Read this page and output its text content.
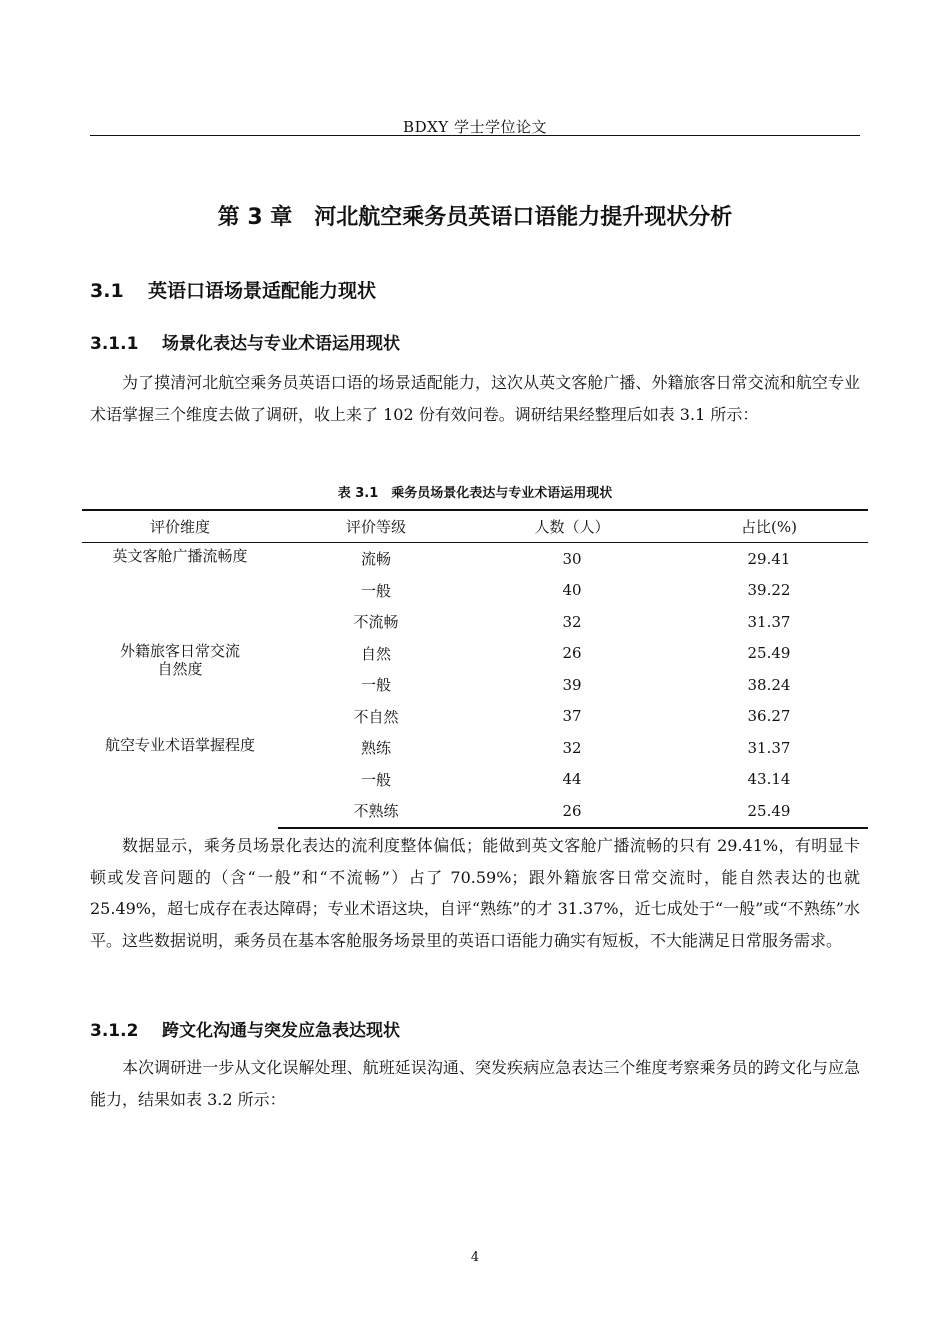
BDXY 学士学位论文
第 3 章　河北航空乘务员英语口语能力提升现状分析
3.1 英语口语场景适配能力现状
3.1.1 场景化表达与专业术语运用现状
为了摸清河北航空乘务员英语口语的场景适配能力，这次从英文客舱广播、外籍旅客日常交流和航空专业术语掌握三个维度去做了调研，收上来了 102 份有效问卷。调研结果经整理后如表 3.1 所示：
表 3.1　乘务员场景化表达与专业术语运用现状
评价维度	评价等级	人数（人）	占比(%)
英文客舱广播流畅度	流畅	30	29.41
	一般	40	39.22
	不流畅	32	31.37
外籍旅客日常交流自然度	自然	26	25.49
	一般	39	38.24
	不自然	37	36.27
航空专业术语掌握程度	熟练	32	31.37
	一般	44	43.14
	不熟练	26	25.49
数据显示，乘务员场景化表达的流利度整体偏低；能做到英文客舱广播流畅的只有 29.41%，有明显卡顿或发音问题的（含“一般”和“不流畅”）占了 70.59%；跟外籍旅客日常交流时，能自然表达的也就 25.49%，超七成存在表达障碍；专业术语这块，自评“熟练”的才 31.37%，近七成处于“一般”或“不熟练”水平。这些数据说明，乘务员在基本客舱服务场景里的英语口语能力确实有短板，不大能满足日常服务需求。
3.1.2 跨文化沟通与突发应急表达现状
本次调研进一步从文化误解处理、航班延误沟通、突发疾病应急表达三个维度考察乘务员的跨文化与应急能力，结果如表 3.2 所示：
4
